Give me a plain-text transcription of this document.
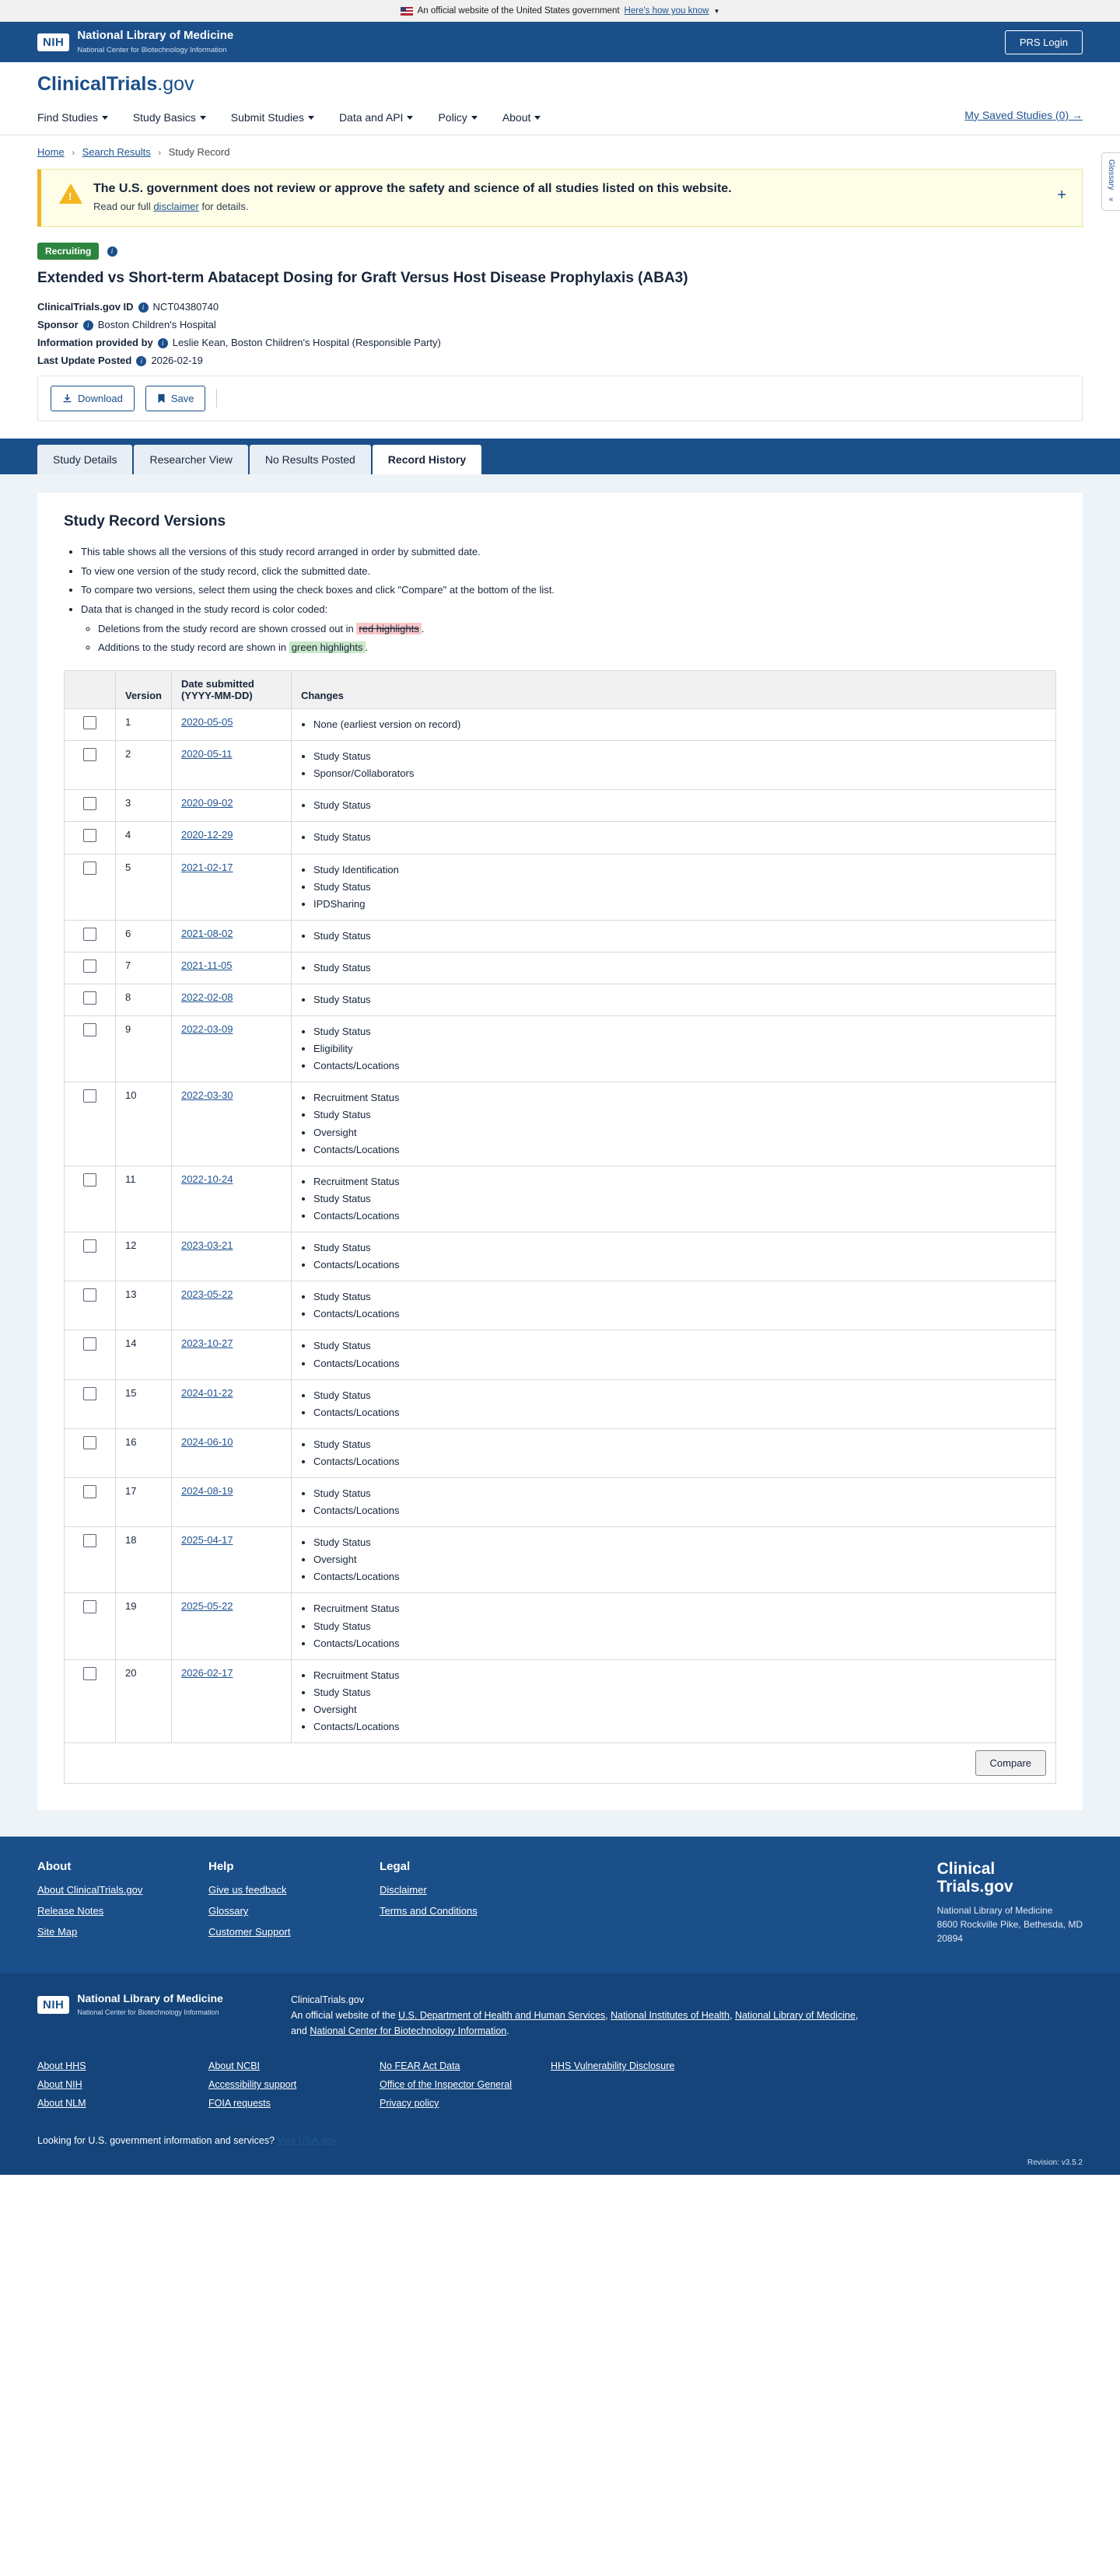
An official website of the United States government Here's how you know ▼
NIH
National Library of Medicine
National Center for Biotechnology Information
PRS Login
ClinicalTrials.gov
Find Studies	Study Basics	Submit Studies	Data and API	Policy	About	My Saved Studies (0) →
Home › Search Results › Study Record
Glossary
«
!
The U.S. government does not review or approve the safety and science of all studies listed on this website.
Read our full disclaimer for details.
+
Recruiting	i
Extended vs Short-term Abatacept Dosing for Graft Versus Host Disease Prophylaxis (ABA3)
ClinicalTrials.gov ID i NCT04380740
Sponsor i Boston Children's Hospital
Information provided by i Leslie Kean, Boston Children's Hospital (Responsible Party)
Last Update Posted i 2026-02-19
Download	Save
Study Details	Researcher View	No Results Posted	Record History
Study Record Versions
• This table shows all the versions of this study record arranged in order by submitted date.
• To view one version of the study record, click the submitted date.
• To compare two versions, select them using the check boxes and click "Compare" at the bottom of the list.
• Data that is changed in the study record is color coded:
◦ Deletions from the study record are shown crossed out in red highlights .
◦ Additions to the study record are shown in green highlights .
	Version	Date submitted
(YYYY-MM-DD)	Changes
	1	2020-05-05	
•None (earliest version on record)

	2	2020-05-11	
•Study Status
• Sponsor/Collaborators

	3	2020-09-02	
•Study Status

	4	2020-12-29	
•Study Status

	5	2021-02-17	
•Study Identification
• Study Status
• IPDSharing

	6	2021-08-02	
•Study Status

	7	2021-11-05	
•Study Status

	8	2022-02-08	
•Study Status

	9	2022-03-09	
•Study Status
• Eligibility
• Contacts/Locations

	10	2022-03-30	
•Recruitment Status
• Study Status
• Oversight
• Contacts/Locations

	11	2022-10-24	
•Recruitment Status
• Study Status
• Contacts/Locations

	12	2023-03-21	
•Study Status
• Contacts/Locations

	13	2023-05-22	
•Study Status
• Contacts/Locations

	14	2023-10-27	
•Study Status
• Contacts/Locations

	15	2024-01-22	
•Study Status
• Contacts/Locations

	16	2024-06-10	
•Study Status
• Contacts/Locations

	17	2024-08-19	
•Study Status
• Contacts/Locations

	18	2025-04-17	
•Study Status
• Oversight
• Contacts/Locations

	19	2025-05-22	
•Recruitment Status
• Study Status
• Contacts/Locations

	20	2026-02-17	
•Recruitment Status
• Study Status
• Oversight
• Contacts/Locations

Compare			
About
About ClinicalTrials.gov
Release Notes
Site Map
Help
Give us feedback
Glossary
Customer Support
Legal
Disclaimer
Terms and Conditions
Clinical
Trials.gov
National Library of Medicine
8600 Rockville Pike, Bethesda, MD
20894
NIH	National Library of Medicine
National Center for Biotechnology Information
ClinicalTrials.gov
An official website of the U.S. Department of Health and Human Services, National Institutes of Health, National Library of Medicine,
and National Center for Biotechnology Information.
About HHS
About NIH
About NLM
About NCBI
Accessibility support
FOIA requests
No FEAR Act Data
Office of the Inspector General
Privacy policy
HHS Vulnerability Disclosure
Looking for U.S. government information and services? Visit USA.gov
Revision: v3.5.2
